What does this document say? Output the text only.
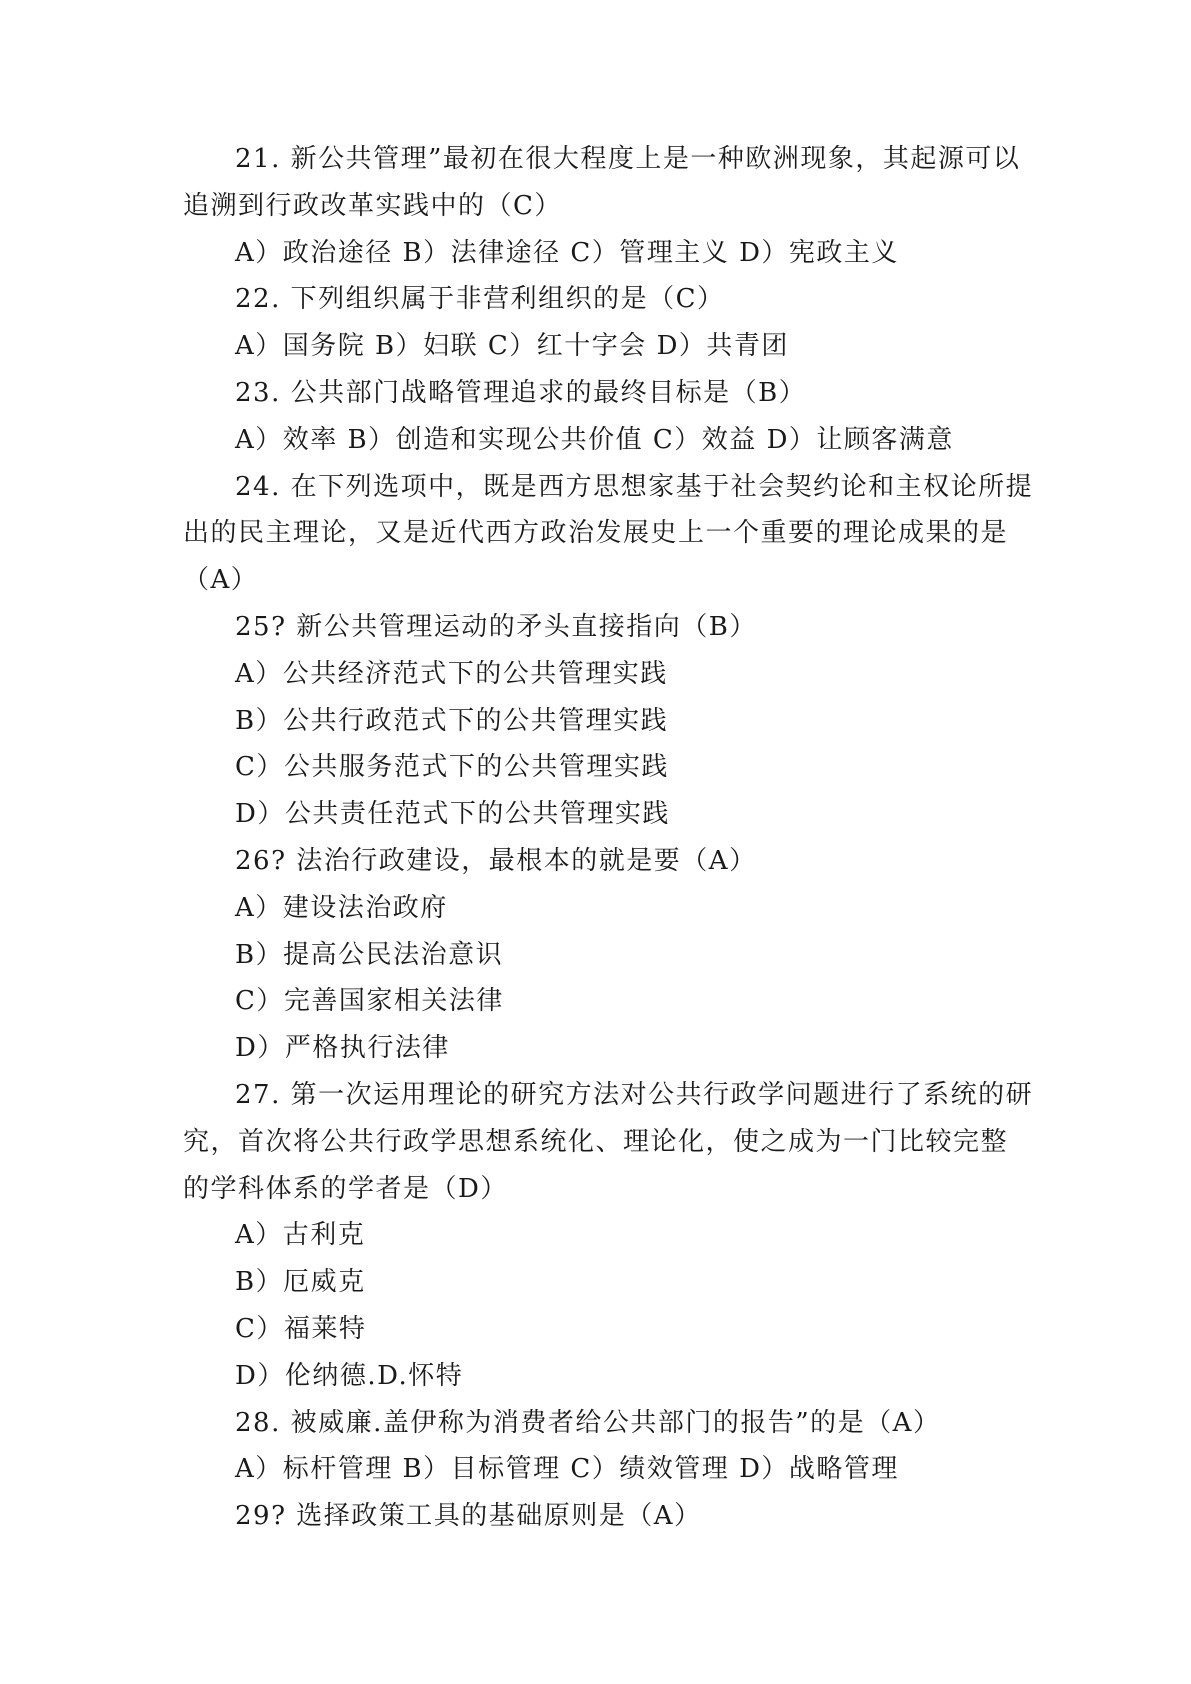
21. 新公共管理”最初在很大程度上是一种欧洲现象，其起源可以

追溯到行政改革实践中的（C）

A）政治途径 B）法律途径 C）管理主义 D）宪政主义

22. 下列组织属于非营利组织的是（C）

A）国务院 B）妇联 C）红十字会 D）共青团

23. 公共部门战略管理追求的最终目标是（B）

A）效率 B）创造和实现公共价值 C）效益 D）让顾客满意

24. 在下列选项中，既是西方思想家基于社会契约论和主权论所提

出的民主理论，又是近代西方政治发展史上一个重要的理论成果的是

（A）

25? 新公共管理运动的矛头直接指向（B）

A）公共经济范式下的公共管理实践

B）公共行政范式下的公共管理实践

C）公共服务范式下的公共管理实践

D）公共责任范式下的公共管理实践

26? 法治行政建设，最根本的就是要（A）

A）建设法治政府

B）提高公民法治意识

C）完善国家相关法律

D）严格执行法律

27. 第一次运用理论的研究方法对公共行政学问题进行了系统的研

究，首次将公共行政学思想系统化、理论化，使之成为一门比较完整

的学科体系的学者是（D）

A）古利克

B）厄威克

C）福莱特

D）伦纳德.D.怀特

28. 被威廉.盖伊称为消费者给公共部门的报告”的是（A）

A）标杆管理 B）目标管理 C）绩效管理 D）战略管理

29? 选择政策工具的基础原则是（A）
